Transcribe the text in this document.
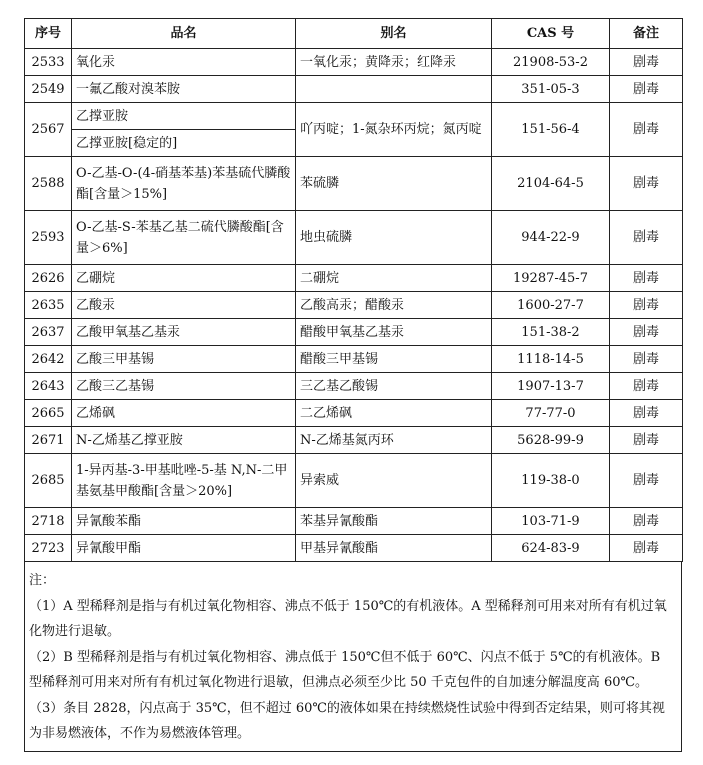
序号	品名	别名	CAS 号	备注
2533	氧化汞	一氧化汞；黄降汞；红降汞	21908-53-2	剧毒
2549	一氟乙酸对溴苯胺		351-05-3	剧毒
2567	乙撑亚胺	吖丙啶；1-氮杂环丙烷；氮丙啶	151-56-4	剧毒
	乙撑亚胺[稳定的]			
2588	O-乙基-O-(4-硝基苯基)苯基硫代膦酸酯[含量＞15%]	苯硫膦	2104-64-5	剧毒
2593	O-乙基-S-苯基乙基二硫代膦酸酯[含量＞6%]	地虫硫膦	944-22-9	剧毒
2626	乙硼烷	二硼烷	19287-45-7	剧毒
2635	乙酸汞	乙酸高汞；醋酸汞	1600-27-7	剧毒
2637	乙酸甲氧基乙基汞	醋酸甲氧基乙基汞	151-38-2	剧毒
2642	乙酸三甲基锡	醋酸三甲基锡	1118-14-5	剧毒
2643	乙酸三乙基锡	三乙基乙酸锡	1907-13-7	剧毒
2665	乙烯砜	二乙烯砜	77-77-0	剧毒
2671	N-乙烯基乙撑亚胺	N-乙烯基氮丙环	5628-99-9	剧毒
2685	1-异丙基-3-甲基吡唑-5-基 N,N-二甲基氨基甲酸酯[含量＞20%]	异索威	119-38-0	剧毒
2718	异氰酸苯酯	苯基异氰酸酯	103-71-9	剧毒
2723	异氰酸甲酯	甲基异氰酸酯	624-83-9	剧毒

注：

（1）A 型稀释剂是指与有机过氧化物相容、沸点不低于 150℃的有机液体。A 型稀释剂可用来对所有有机过氧化物进行退敏。

（2）B 型稀释剂是指与有机过氧化物相容、沸点低于 150℃但不低于 60℃、闪点不低于 5℃的有机液体。B 型稀释剂可用来对所有有机过氧化物进行退敏，但沸点必须至少比 50 千克包件的自加速分解温度高 60℃。

（3）条目 2828，闪点高于 35℃，但不超过 60℃的液体如果在持续燃烧性试验中得到否定结果，则可将其视为非易燃液体，不作为易燃液体管理。
